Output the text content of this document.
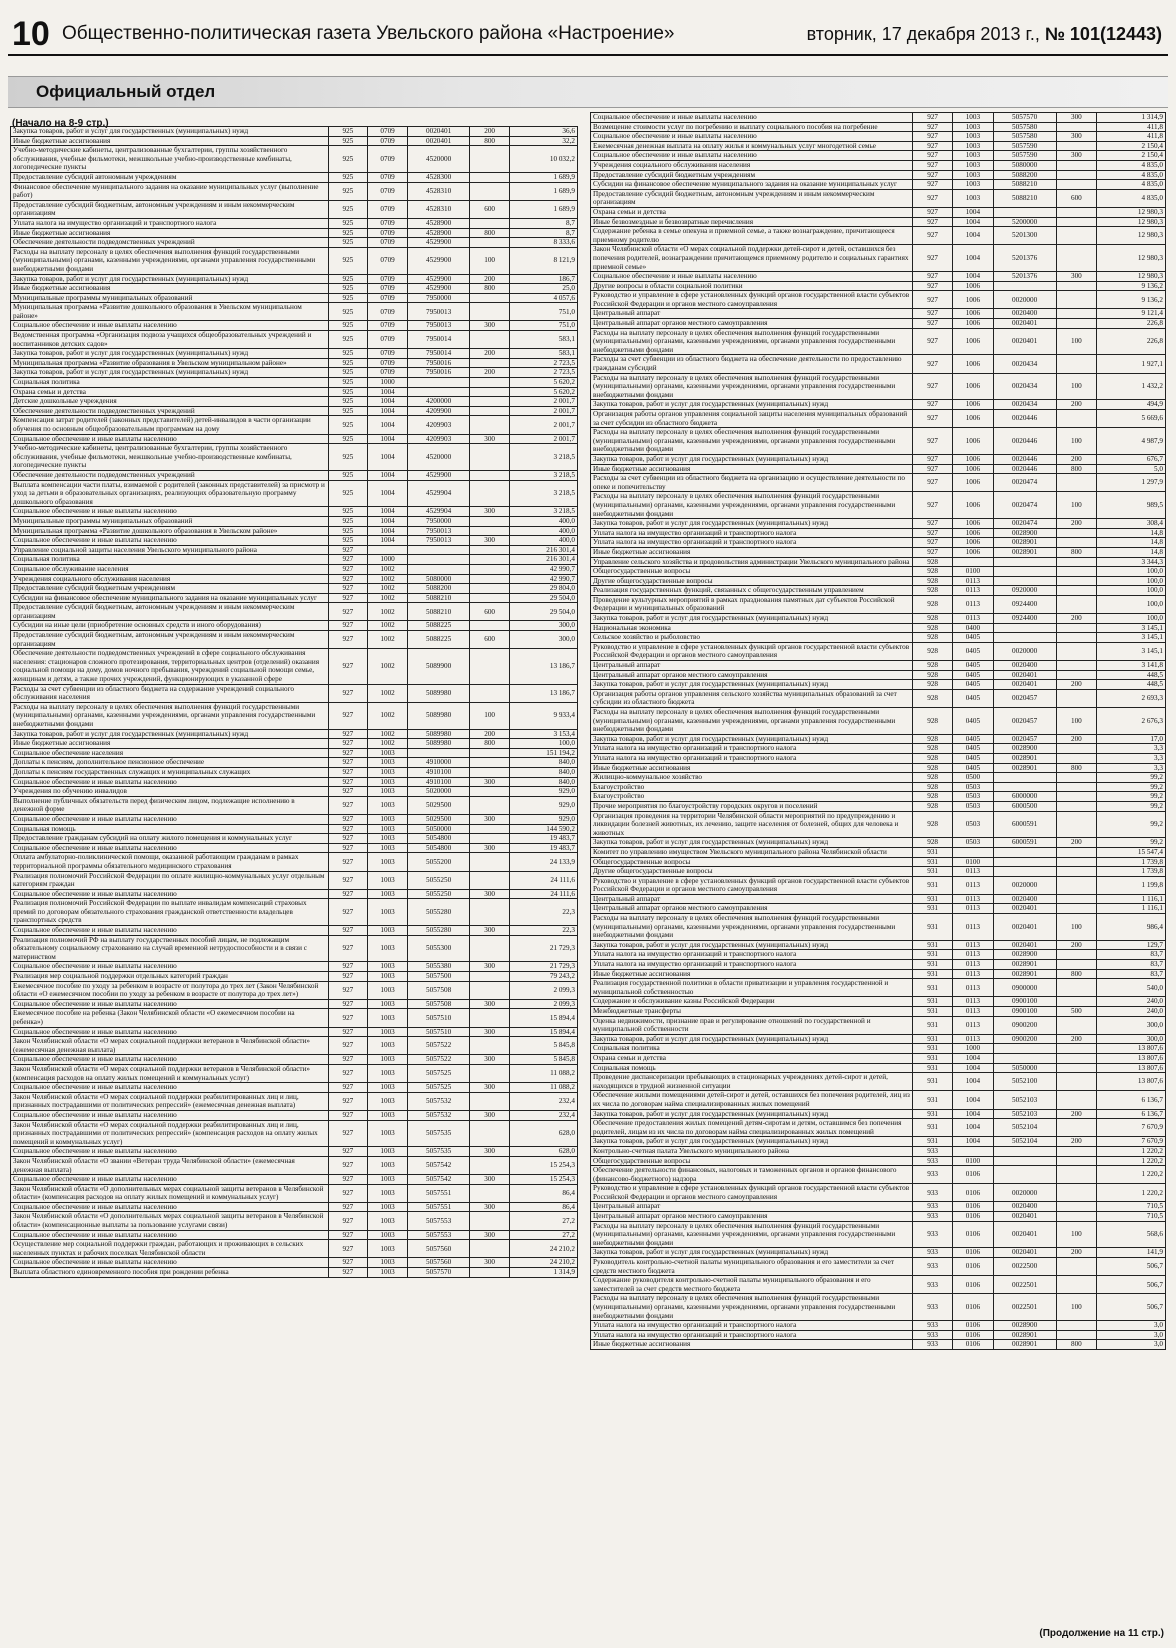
10 Общественно-политическая газета Увельского района «Настроение»	вторник, 17 декабря 2013 г., № 101(12443)
Официальный отдел
(Начало на 8-9 стр.)
Закупка товаров, работ и услуг для государственных (муниципальных) нужд	925	0709	0020401	200	36,6
Иные бюджетные ассигнования	925	0709	0020401	800	32,2
Учебно-методические кабинеты, централизованные бухгалтерии, группы хозяйственного обслуживания, учебные фильмотеки, межшкольные учебно-производственные комбинаты, логопедические пункты	925	0709	4520000		10 032,2
Предоставление субсидий автономным учреждениям	925	0709	4528300		1 689,9
Финансовое обеспечение муниципального задания на оказание муниципальных услуг (выполнение работ)	925	0709	4528310		1 689,9
Предоставление субсидий бюджетным, автономным учреждениям и иным некоммерческим организациям	925	0709	4528310	600	1 689,9
Уплата налога на имущество организаций и транспортного налога	925	0709	4528900		8,7
Иные бюджетные ассигнования	925	0709	4528900	800	8,7
Обеспечение деятельности подведомственных учреждений	925	0709	4529900		8 333,6
Расходы на выплату персоналу в целях обеспечения выполнения функций государственными (муниципальными) органами, казенными учреждениями, органами управления государственными внебюджетными фондами	925	0709	4529900	100	8 121,9
Закупка товаров, работ и услуг для государственных (муниципальных) нужд	925	0709	4529900	200	186,7
Иные бюджетные ассигнования	925	0709	4529900	800	25,0
Муниципальные программы муниципальных образований	925	0709	7950000		4 057,6
Муниципальная программа «Развитие дошкольного образования в Увельском муниципальном районе»	925	0709	7950013		751,0
Социальное обеспечение и иные выплаты населению	925	0709	7950013	300	751,0
Ведомственная программа «Организация подвоза учащихся общеобразовательных учреждений и воспитанников детских садов»	925	0709	7950014		583,1
Закупка товаров, работ и услуг для государственных (муниципальных) нужд	925	0709	7950014	200	583,1
Муниципальная программа «Развитие образования в Увельском муниципальном районе»	925	0709	7950016		2 723,5
Закупка товаров, работ и услуг для государственных (муниципальных) нужд	925	0709	7950016	200	2 723,5
Социальная политика	925	1000			5 620,2
Охрана семьи и детства	925	1004			5 620,2
Детские дошкольные учреждения	925	1004	4200000		2 001,7
Обеспечение деятельности подведомственных учреждений	925	1004	4209900		2 001,7
Компенсация затрат родителей (законных представителей) детей-инвалидов в части организации обучения по основным общеобразовательным программам на дому	925	1004	4209903		2 001,7
Социальное обеспечение и иные выплаты населению	925	1004	4209903	300	2 001,7
Учебно-методические кабинеты, централизованные бухгалтерии, группы хозяйственного обслуживания, учебные фильмотеки, межшкольные учебно-производственные комбинаты, логопедические пункты	925	1004	4520000		3 218,5
Обеспечение деятельности подведомственных учреждений	925	1004	4529900		3 218,5
Выплата компенсации части платы, взимаемой с родителей (законных представителей) за присмотр и уход за детьми в образовательных организациях, реализующих образовательную программу дошкольного образования	925	1004	4529904		3 218,5
Социальное обеспечение и иные выплаты населению	925	1004	4529904	300	3 218,5
Муниципальные программы муниципальных образований	925	1004	7950000		400,0
Муниципальная программа «Развитие дошкольного образования в Увельском районе»	925	1004	7950013		400,0
Социальное обеспечение и иные выплаты населению	925	1004	7950013	300	400,0
Управление социальной защиты населения Увельского муниципального района	927				216 301,4
Социальная политика	927	1000			216 301,4
Социальное обслуживание населения	927	1002			42 990,7
Учреждения социального обслуживания населения	927	1002	5080000		42 990,7
Предоставление субсидий бюджетным учреждениям	927	1002	5088200		29 804,0
Субсидии на финансовое обеспечение муниципального задания на оказание муниципальных услуг	927	1002	5088210		29 504,0
Предоставление субсидий бюджетным, автономным учреждениям и иным некоммерческим организациям	927	1002	5088210	600	29 504,0
Субсидии на иные цели (приобретение основных средств и иного оборудования)	927	1002	5088225		300,0
Предоставление субсидий бюджетным, автономным учреждениям и иным некоммерческим организациям	927	1002	5088225	600	300,0
Обеспечение деятельности подведомственных учреждений в сфере социального обслуживания населения: стационаров сложного протезирования, территориальных центров (отделений) оказания социальной помощи на дому, домов ночного пребывания, учреждений социальной помощи семье, женщинам и детям, а также прочих учреждений, функционирующих в указанной сфере	927	1002	5089900		13 186,7
Расходы за счет субвенции из областного бюджета на содержание учреждений социального обслуживания населения	927	1002	5089980		13 186,7
Расходы на выплату персоналу в целях обеспечения выполнения функций государственными (муниципальными) органами, казенными учреждениями, органами управления государственными внебюджетными фондами	927	1002	5089980	100	9 933,4
Закупка товаров, работ и услуг для государственных (муниципальных) нужд	927	1002	5089980	200	3 153,4
Иные бюджетные ассигнования	927	1002	5089980	800	100,0
Социальное обеспечение населения	927	1003			151 194,2
Доплаты к пенсиям, дополнительное пенсионное обеспечение	927	1003	4910000		840,0
Доплаты к пенсиям государственных служащих и муниципальных служащих	927	1003	4910100		840,0
Социальное обеспечение и иные выплаты населению	927	1003	4910100	300	840,0
Учреждения по обучению инвалидов	927	1003	5020000		929,0
Выполнение публичных обязательств перед физическим лицом, подлежащие исполнению в денежной форме	927	1003	5029500		929,0
Социальное обеспечение и иные выплаты населению	927	1003	5029500	300	929,0
Социальная помощь	927	1003	5050000		144 590,2
Предоставление гражданам субсидий на оплату жилого помещения и коммунальных услуг	927	1003	5054800		19 483,7
Социальное обеспечение и иные выплаты населению	927	1003	5054800	300	19 483,7
Оплата амбулаторно-поликлинической помощи, оказанной работающим гражданам в рамках территориальной программы обязательного медицинского страхования	927	1003	5055200		24 133,9
Реализация полномочий Российской Федерации по оплате жилищно-коммунальных услуг отдельным категориям граждан	927	1003	5055250		24 111,6
Социальное обеспечение и иные выплаты населению	927	1003	5055250	300	24 111,6
Реализация полномочий Российской Федерации по выплате инвалидам компенсаций страховых премий по договорам обязательного страхования гражданской ответственности владельцев транспортных средств	927	1003	5055280		22,3
Социальное обеспечение и иные выплаты населению	927	1003	5055280	300	22,3
Реализация полномочий РФ на выплату государственных пособий лицам, не подлежащим обязательному социальному страхованию на случай временной нетрудоспособности и в связи с материнством	927	1003	5055300		21 729,3
Социальное обеспечение и иные выплаты населению	927	1003	5055380	300	21 729,3
Реализация мер социальной поддержки отдельных категорий граждан	927	1003	5057500		79 243,2
Ежемесячное пособие по уходу за ребенком в возрасте от полутора до трех лет (Закон Челябинской области «О ежемесячном пособии по уходу за ребенком в возрасте от полутора до трех лет»)	927	1003	5057508		2 099,3
Социальное обеспечение и иные выплаты населению	927	1003	5057508	300	2 099,3
Ежемесячное пособие на ребенка (Закон Челябинской области «О ежемесячном пособии на ребенка»)	927	1003	5057510		15 894,4
Социальное обеспечение и иные выплаты населению	927	1003	5057510	300	15 894,4
Закон Челябинской области «О мерах социальной поддержки ветеранов в Челябинской области» (ежемесячная денежная выплата)	927	1003	5057522		5 845,8
Социальное обеспечение и иные выплаты населению	927	1003	5057522	300	5 845,8
Закон Челябинской области «О мерах социальной поддержки ветеранов в Челябинской области» (компенсация расходов на оплату жилых помещений и коммунальных услуг)	927	1003	5057525		11 088,2
Социальное обеспечение и иные выплаты населению	927	1003	5057525	300	11 088,2
Закон Челябинской области «О мерах социальной поддержки реабилитированных лиц и лиц, признанных пострадавшими от политических репрессий» (ежемесячная денежная выплата)	927	1003	5057532		232,4
Социальное обеспечение и иные выплаты населению	927	1003	5057532	300	232,4
Закон Челябинской области «О мерах социальной поддержки реабилитированных лиц и лиц, признанных пострадавшими от политических репрессий» (компенсация расходов на оплату жилых помещений и коммунальных услуг)	927	1003	5057535		628,0
Социальное обеспечение и иные выплаты населению	927	1003	5057535	300	628,0
Закон Челябинской области «О звании «Ветеран труда Челябинской области» (ежемесячная денежная выплата)	927	1003	5057542		15 254,3
Социальное обеспечение и иные выплаты населению	927	1003	5057542	300	15 254,3
Закон Челябинской области «О дополнительных мерах социальной защиты ветеранов в Челябинской области» (компенсация расходов на оплату жилых помещений и коммунальных услуг)	927	1003	5057551		86,4
Социальное обеспечение и иные выплаты населению	927	1003	5057551	300	86,4
Закон Челябинской области «О дополнительных мерах социальной защиты ветеранов в Челябинской области» (компенсационные выплаты за пользование услугами связи)	927	1003	5057553		27,2
Социальное обеспечение и иные выплаты населению	927	1003	5057553	300	27,2
Осуществление мер социальной поддержки граждан, работающих и проживающих в сельских населенных пунктах и рабочих поселках Челябинской области	927	1003	5057560		24 210,2
Социальное обеспечение и иные выплаты населению	927	1003	5057560	300	24 210,2
Выплата областного единовременного пособия при рождении ребенка	927	1003	5057570		1 314,9
Социальное обеспечение и иные выплаты населению	927	1003	5057570	300	1 314,9
Возмещение стоимости услуг по погребению и выплату социального пособия на погребение	927	1003	5057580		411,8
Социальное обеспечение и иные выплаты населению	927	1003	5057580	300	411,8
Ежемесячная денежная выплата на оплату жилья и коммунальных услуг многодетной семье	927	1003	5057590		2 150,4
Социальное обеспечение и иные выплаты населению	927	1003	5057590	300	2 150,4
Учреждения социального обслуживания населения	927	1003	5080000		4 835,0
Предоставление субсидий бюджетным учреждениям	927	1003	5088200		4 835,0
Субсидии на финансовое обеспечение муниципального задания на оказание муниципальных услуг	927	1003	5088210		4 835,0
Предоставление субсидий бюджетным, автономным учреждениям и иным некоммерческим организациям	927	1003	5088210	600	4 835,0
Охрана семьи и детства	927	1004			12 980,3
Иные безвозмездные и безвозвратные перечисления	927	1004	5200000		12 980,3
Содержание ребенка в семье опекуна и приемной семье, а также вознаграждение, причитающееся приемному родителю	927	1004	5201300		12 980,3
Закон Челябинской области «О мерах социальной поддержки детей-сирот и детей, оставшихся без попечения родителей, вознаграждении причитающемся приемному родителю и социальных гарантиях приемной семье»	927	1004	5201376		12 980,3
Социальное обеспечение и иные выплаты населению	927	1004	5201376	300	12 980,3
Другие вопросы в области социальной политики	927	1006			9 136,2
Руководство и управление в сфере установленных функций органов государственной власти субъектов Российской Федерации и органов местного самоуправления	927	1006	0020000		9 136,2
Центральный аппарат	927	1006	0020400		9 121,4
Центральный аппарат органов местного самоуправления	927	1006	0020401		226,8
Расходы на выплату персоналу в целях обеспечения выполнения функций государственными (муниципальными) органами, казенными учреждениями, органами управления государственными внебюджетными фондами	927	1006	0020401	100	226,8
Расходы за счет субвенции из областного бюджета на обеспечение деятельности по предоставлению гражданам субсидий	927	1006	0020434		1 927,1
Расходы на выплату персоналу в целях обеспечения выполнения функций государственными (муниципальными) органами, казенными учреждениями, органами управления государственными внебюджетными фондами	927	1006	0020434	100	1 432,2
Закупка товаров, работ и услуг для государственных (муниципальных) нужд	927	1006	0020434	200	494,9
Организация работы органов управления социальной защиты населения муниципальных образований за счет субсидии из областного бюджета	927	1006	0020446		5 669,6
Расходы на выплату персоналу в целях обеспечения выполнения функций государственными (муниципальными) органами, казенными учреждениями, органами управления государственными внебюджетными фондами	927	1006	0020446	100	4 987,9
Закупка товаров, работ и услуг для государственных (муниципальных) нужд	927	1006	0020446	200	676,7
Иные бюджетные ассигнования	927	1006	0020446	800	5,0
Расходы за счет субвенции из областного бюджета на организацию и осуществление деятельности по опеке и попечительству	927	1006	0020474		1 297,9
Расходы на выплату персоналу в целях обеспечения выполнения функций государственными (муниципальными) органами, казенными учреждениями, органами управления государственными внебюджетными фондами	927	1006	0020474	100	989,5
Закупка товаров, работ и услуг для государственных (муниципальных) нужд	927	1006	0020474	200	308,4
Уплата налога на имущество организаций и транспортного налога	927	1006	0028900		14,8
Уплата налога на имущество организаций и транспортного налога	927	1006	0028901		14,8
Иные бюджетные ассигнования	927	1006	0028901	800	14,8
Управление сельского хозяйства и продовольствия администрации Увельского муниципального района	928				3 344,3
Общегосударственные вопросы	928	0100			100,0
Другие общегосударственные вопросы	928	0113			100,0
Реализация государственных функций, связанных с общегосударственным управлением	928	0113	0920000		100,0
Проведение культурных мероприятий в рамках празднования памятных дат субъектов Российской Федерации и муниципальных образований	928	0113	0924400		100,0
Закупка товаров, работ и услуг для государственных (муниципальных) нужд	928	0113	0924400	200	100,0
Национальная экономика	928	0400			3 145,1
Сельское хозяйство и рыболовство	928	0405			3 145,1
Руководство и управление в сфере установленных функций органов государственной власти субъектов Российской Федерации и органов местного самоуправления	928	0405	0020000		3 145,1
Центральный аппарат	928	0405	0020400		3 141,8
Центральный аппарат органов местного самоуправления	928	0405	0020401		448,5
Закупка товаров, работ и услуг для государственных (муниципальных) нужд	928	0405	0020401	200	448,5
Организация работы органов управления сельского хозяйства муниципальных образований за счет субсидии из областного бюджета	928	0405	0020457		2 693,3
Расходы на выплату персоналу в целях обеспечения выполнения функций государственными (муниципальными) органами, казенными учреждениями, органами управления государственными внебюджетными фондами	928	0405	0020457	100	2 676,3
Закупка товаров, работ и услуг для государственных (муниципальных) нужд	928	0405	0020457	200	17,0
Уплата налога на имущество организаций и транспортного налога	928	0405	0028900		3,3
Уплата налога на имущество организаций и транспортного налога	928	0405	0028901		3,3
Иные бюджетные ассигнования	928	0405	0028901	800	3,3
Жилищно-коммунальное хозяйство	928	0500			99,2
Благоустройство	928	0503			99,2
Благоустройство	928	0503	6000000		99,2
Прочие мероприятия по благоустройству городских округов и поселений	928	0503	6000500		99,2
Организация проведения на территории Челябинской области мероприятий по предупреждению и ликвидации болезней животных, их лечению, защите населения от болезней, общих для человека и животных	928	0503	6000591		99,2
Закупка товаров, работ и услуг для государственных (муниципальных) нужд	928	0503	6000591	200	99,2
Комитет по управлению имуществом Увельского муниципального района Челябинской области	931				15 547,4
Общегосударственные вопросы	931	0100			1 739,8
Другие общегосударственные вопросы	931	0113			1 739,8
Руководство и управление в сфере установленных функций органов государственной власти субъектов Российской Федерации и органов местного самоуправления	931	0113	0020000		1 199,8
Центральный аппарат	931	0113	0020400		1 116,1
Центральный аппарат органов местного самоуправления	931	0113	0020401		1 116,1
Расходы на выплату персоналу в целях обеспечения выполнения функций государственными (муниципальными) органами, казенными учреждениями, органами управления государственными внебюджетными фондами	931	0113	0020401	100	986,4
Закупка товаров, работ и услуг для государственных (муниципальных) нужд	931	0113	0020401	200	129,7
Уплата налога на имущество организаций и транспортного налога	931	0113	0028900		83,7
Уплата налога на имущество организаций и транспортного налога	931	0113	0028901		83,7
Иные бюджетные ассигнования	931	0113	0028901	800	83,7
Реализация государственной политики в области приватизации и управления государственной и муниципальной собственностью	931	0113	0900000		540,0
Содержание и обслуживание казны Российской Федерации	931	0113	0900100		240,0
Межбюджетные трансферты	931	0113	0900100	500	240,0
Оценка недвижимости, признание прав и регулирование отношений по государственной и муниципальной собственности	931	0113	0900200		300,0
Закупка товаров, работ и услуг для государственных (муниципальных) нужд	931	0113	0900200	200	300,0
Социальная политика	931	1000			13 807,6
Охрана семьи и детства	931	1004			13 807,6
Социальная помощь	931	1004	5050000		13 807,6
Проведение диспансеризации пребывающих в стационарных учреждениях детей-сирот и детей, находящихся в трудной жизненной ситуации	931	1004	5052100		13 807,6
Обеспечение жилыми помещениями детей-сирот и детей, оставшихся без попечения родителей, лиц из их числа по договорам найма специализированных жилых помещений	931	1004	5052103		6 136,7
Закупка товаров, работ и услуг для государственных (муниципальных) нужд	931	1004	5052103	200	6 136,7
Обеспечение предоставления жилых помещений детям-сиротам и детям, оставшимся без попечения родителей, лицам из их числа по договорам найма специализированных жилых помещений	931	1004	5052104		7 670,9
Закупка товаров, работ и услуг для государственных (муниципальных) нужд	931	1004	5052104	200	7 670,9
Контрольно-счетная палата Увельского муниципального района	933				1 220,2
Общегосударственные вопросы	933	0100			1 220,2
Обеспечение деятельности финансовых, налоговых и таможенных органов и органов финансового (финансово-бюджетного) надзора	933	0106			1 220,2
Руководство и управление в сфере установленных функций органов государственной власти субъектов Российской Федерации и органов местного самоуправления	933	0106	0020000		1 220,2
Центральный аппарат	933	0106	0020400		710,5
Центральный аппарат органов местного самоуправления	933	0106	0020401		710,5
Расходы на выплату персоналу в целях обеспечения выполнения функций государственными (муниципальными) органами, казенными учреждениями, органами управления государственными внебюджетными фондами	933	0106	0020401	100	568,6
Закупка товаров, работ и услуг для государственных (муниципальных) нужд	933	0106	0020401	200	141,9
Руководитель контрольно-счетной палаты муниципального образования и его заместители за счет средств местного бюджета	933	0106	0022500		506,7
Содержание руководителя контрольно-счетной палаты муниципального образования и его заместителей за счет средств местного бюджета	933	0106	0022501		506,7
Расходы на выплату персоналу в целях обеспечения выполнения функций государственными (муниципальными) органами, казенными учреждениями, органами управления государственными внебюджетными фондами	933	0106	0022501	100	506,7
Уплата налога на имущество организаций и транспортного налога	933	0106	0028900		3,0
Уплата налога на имущество организаций и транспортного налога	933	0106	0028901		3,0
Иные бюджетные ассигнования	933	0106	0028901	800	3,0
(Продолжение на 11 стр.)
